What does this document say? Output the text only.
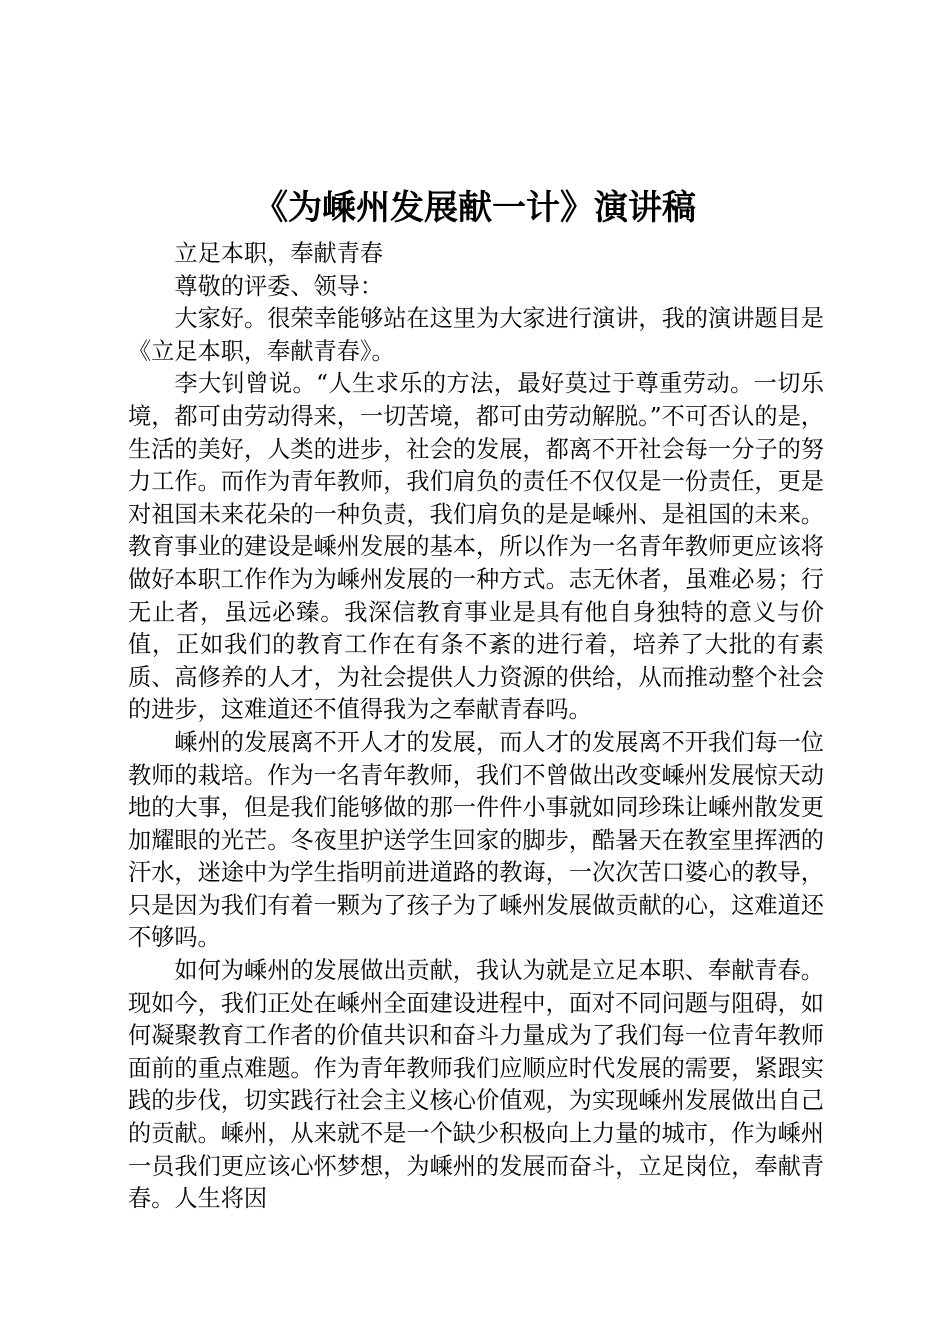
《为嵊州发展献一计》演讲稿

立足本职，奉献青春

尊敬的评委、领导：

大家好。很荣幸能够站在这里为大家进行演讲，我的演讲题目是《立足本职，奉献青春》。

李大钊曾说。“人生求乐的方法，最好莫过于尊重劳动。一切乐境，都可由劳动得来，一切苦境，都可由劳动解脱。”不可否认的是，生活的美好，人类的进步，社会的发展，都离不开社会每一分子的努力工作。而作为青年教师，我们肩负的责任不仅仅是一份责任，更是对祖国未来花朵的一种负责，我们肩负的是是嵊州、是祖国的未来。教育事业的建设是嵊州发展的基本，所以作为一名青年教师更应该将做好本职工作作为为嵊州发展的一种方式。志无休者，虽难必易；行无止者，虽远必臻。我深信教育事业是具有他自身独特的意义与价值，正如我们的教育工作在有条不紊的进行着，培养了大批的有素质、高修养的人才，为社会提供人力资源的供给，从而推动整个社会的进步，这难道还不值得我为之奉献青春吗。

嵊州的发展离不开人才的发展，而人才的发展离不开我们每一位教师的栽培。作为一名青年教师，我们不曾做出改变嵊州发展惊天动地的大事，但是我们能够做的那一件件小事就如同珍珠让嵊州散发更加耀眼的光芒。冬夜里护送学生回家的脚步，酷暑天在教室里挥洒的汗水，迷途中为学生指明前进道路的教诲，一次次苦口婆心的教导，只是因为我们有着一颗为了孩子为了嵊州发展做贡献的心，这难道还不够吗。

如何为嵊州的发展做出贡献，我认为就是立足本职、奉献青春。现如今，我们正处在嵊州全面建设进程中，面对不同问题与阻碍，如何凝聚教育工作者的价值共识和奋斗力量成为了我们每一位青年教师面前的重点难题。作为青年教师我们应顺应时代发展的需要，紧跟实践的步伐，切实践行社会主义核心价值观，为实现嵊州发展做出自己的贡献。嵊州，从来就不是一个缺少积极向上力量的城市，作为嵊州一员我们更应该心怀梦想，为嵊州的发展而奋斗，立足岗位，奉献青春。人生将因
